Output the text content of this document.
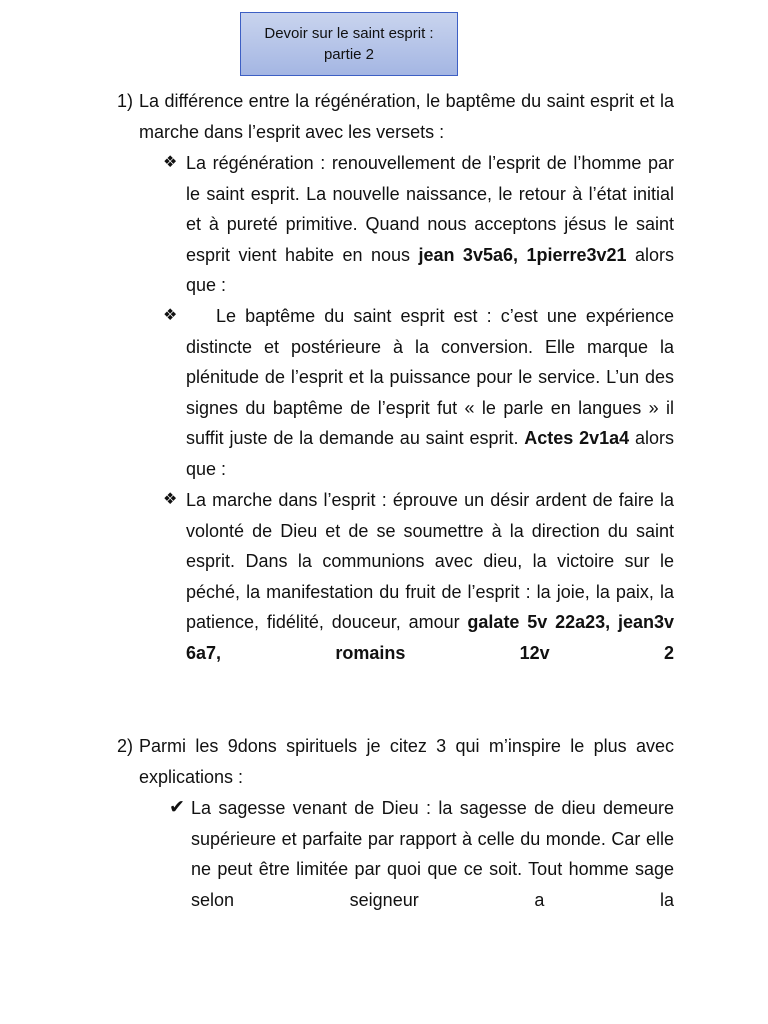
Devoir sur le saint esprit :
partie 2
1) La différence entre la régénération, le baptême du saint esprit et la marche dans l’esprit avec les versets :
❖ La régénération : renouvellement de l’esprit de l’homme par le saint esprit. La nouvelle naissance, le retour à l’état initial et à pureté primitive. Quand nous acceptons jésus le saint esprit vient habite en nous jean 3v5a6, 1pierre3v21 alors que :
❖	Le baptême du saint esprit est : c’est une expérience distincte et postérieure à la conversion. Elle marque la plénitude de l’esprit et la puissance pour le service. L’un des signes du baptême de l’esprit fut « le parle en langues » il suffit juste de la demande au saint esprit. Actes 2v1a4 alors que :
❖ La marche dans l’esprit : éprouve un désir ardent de faire la volonté de Dieu et de se soumettre à la direction du saint esprit. Dans la communions avec dieu, la victoire sur le péché, la manifestation du fruit de l’esprit : la joie, la paix, la patience, fidélité, douceur, amour galate 5v 22a23, jean3v 6a7, romains 12v 2
2) Parmi les 9dons spirituels je citez 3 qui m’inspire le plus avec explications :
✔ La sagesse venant de Dieu : la sagesse de dieu demeure supérieure et parfaite par rapport à celle du monde. Car elle ne peut être limitée par quoi que ce soit. Tout homme sage selon seigneur a la
